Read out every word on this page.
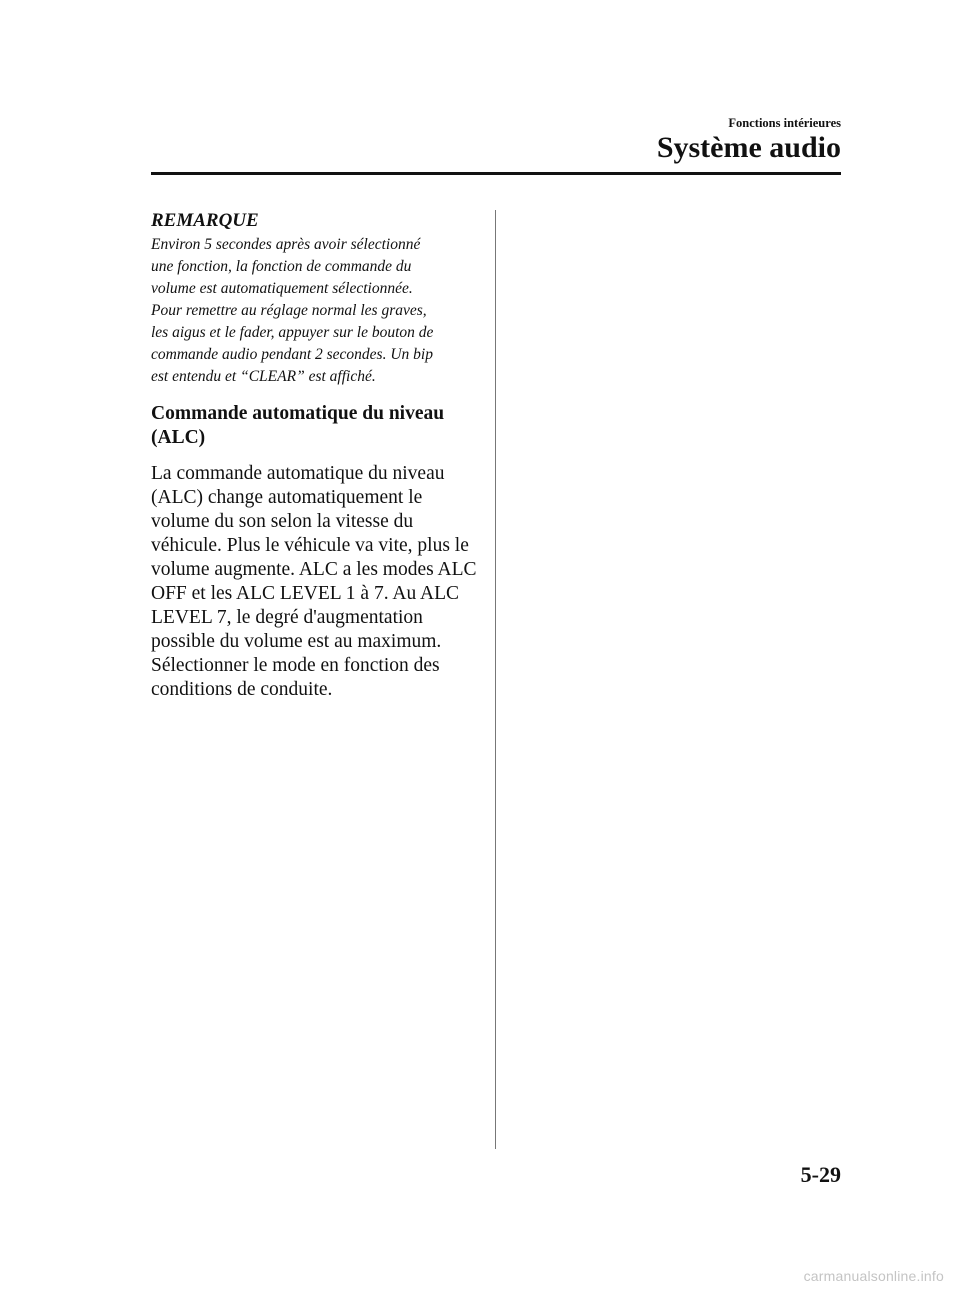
Fonctions intérieures
Système audio
REMARQUE

Environ 5 secondes après avoir sélectionné
une fonction, la fonction de commande du
volume est automatiquement sélectionnée.
Pour remettre au réglage normal les graves,
les aigus et le fader, appuyer sur le bouton de
commande audio pendant 2 secondes. Un bip
est entendu et “CLEAR” est affiché.

Commande automatique du niveau
(ALC)

La commande automatique du niveau
(ALC) change automatiquement le
volume du son selon la vitesse du
véhicule. Plus le véhicule va vite, plus le
volume augmente. ALC a les modes ALC
OFF et les ALC LEVEL 1 à 7. Au ALC
LEVEL 7, le degré d'augmentation
possible du volume est au maximum.
Sélectionner le mode en fonction des
conditions de conduite.

5-29
carmanualsonline.info
